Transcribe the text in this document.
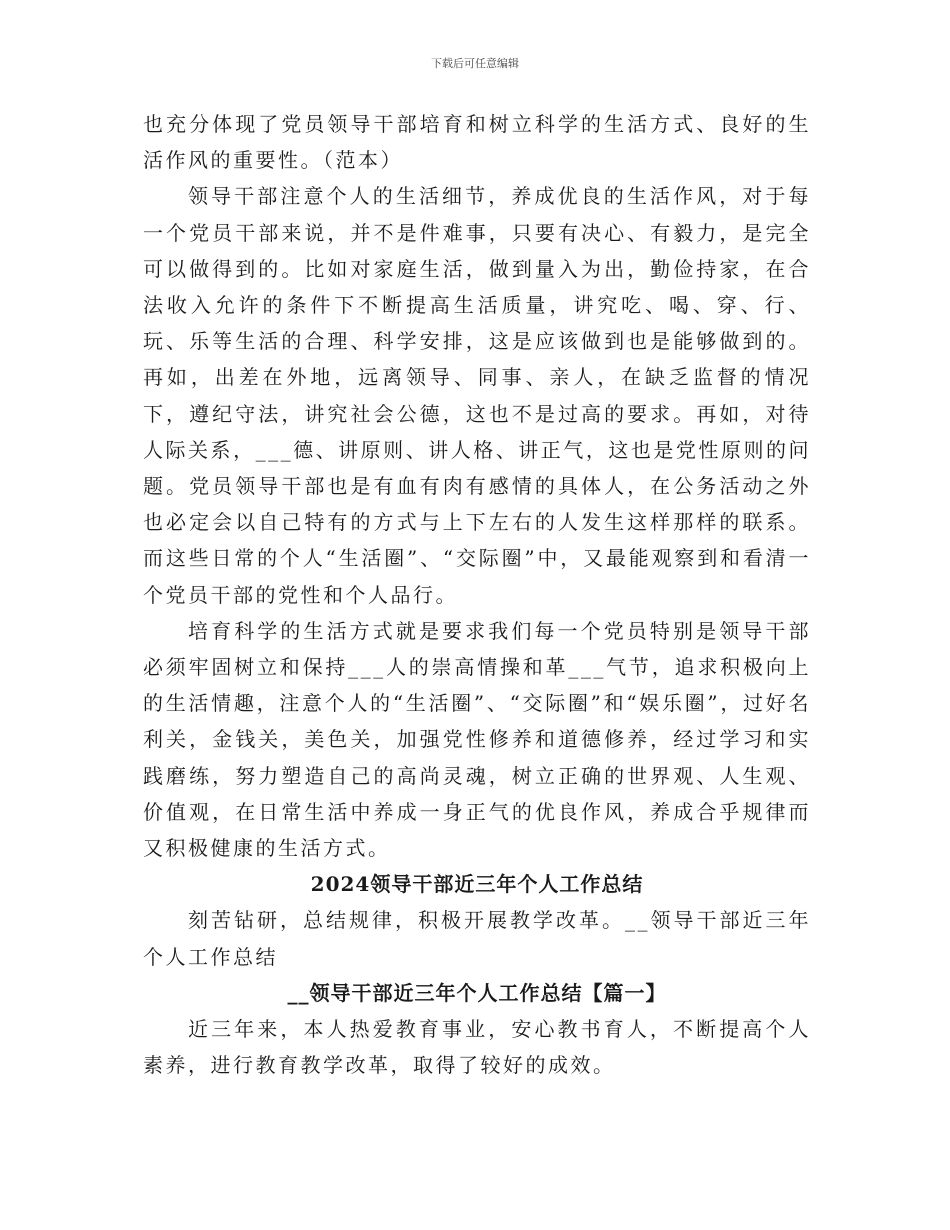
下载后可任意编辑

也充分体现了党员领导干部培育和树立科学的生活方式、良好的生活作风的重要性。（范本）

领导干部注意个人的生活细节，养成优良的生活作风，对于每一个党员干部来说，并不是件难事，只要有决心、有毅力，是完全可以做得到的。比如对家庭生活，做到量入为出，勤俭持家，在合法收入允许的条件下不断提高生活质量，讲究吃、喝、穿、行、玩、乐等生活的合理、科学安排，这是应该做到也是能够做到的。再如，出差在外地，远离领导、同事、亲人，在缺乏监督的情况下，遵纪守法，讲究社会公德，这也不是过高的要求。再如，对待人际关系，___德、讲原则、讲人格、讲正气，这也是党性原则的问题。党员领导干部也是有血有肉有感情的具体人，在公务活动之外也必定会以自己特有的方式与上下左右的人发生这样那样的联系。而这些日常的个人“生活圈”、“交际圈”中，又最能观察到和看清一个党员干部的党性和个人品行。

培育科学的生活方式就是要求我们每一个党员特别是领导干部必须牢固树立和保持___人的崇高情操和革___气节，追求积极向上的生活情趣，注意个人的“生活圈”、“交际圈”和“娱乐圈”，过好名利关，金钱关，美色关，加强党性修养和道德修养，经过学习和实践磨练，努力塑造自己的高尚灵魂，树立正确的世界观、人生观、价值观，在日常生活中养成一身正气的优良作风，养成合乎规律而又积极健康的生活方式。

2024领导干部近三年个人工作总结

刻苦钻研，总结规律，积极开展教学改革。__领导干部近三年个人工作总结

__领导干部近三年个人工作总结【篇一】

近三年来，本人热爱教育事业，安心教书育人，不断提高个人素养，进行教育教学改革，取得了较好的成效。
